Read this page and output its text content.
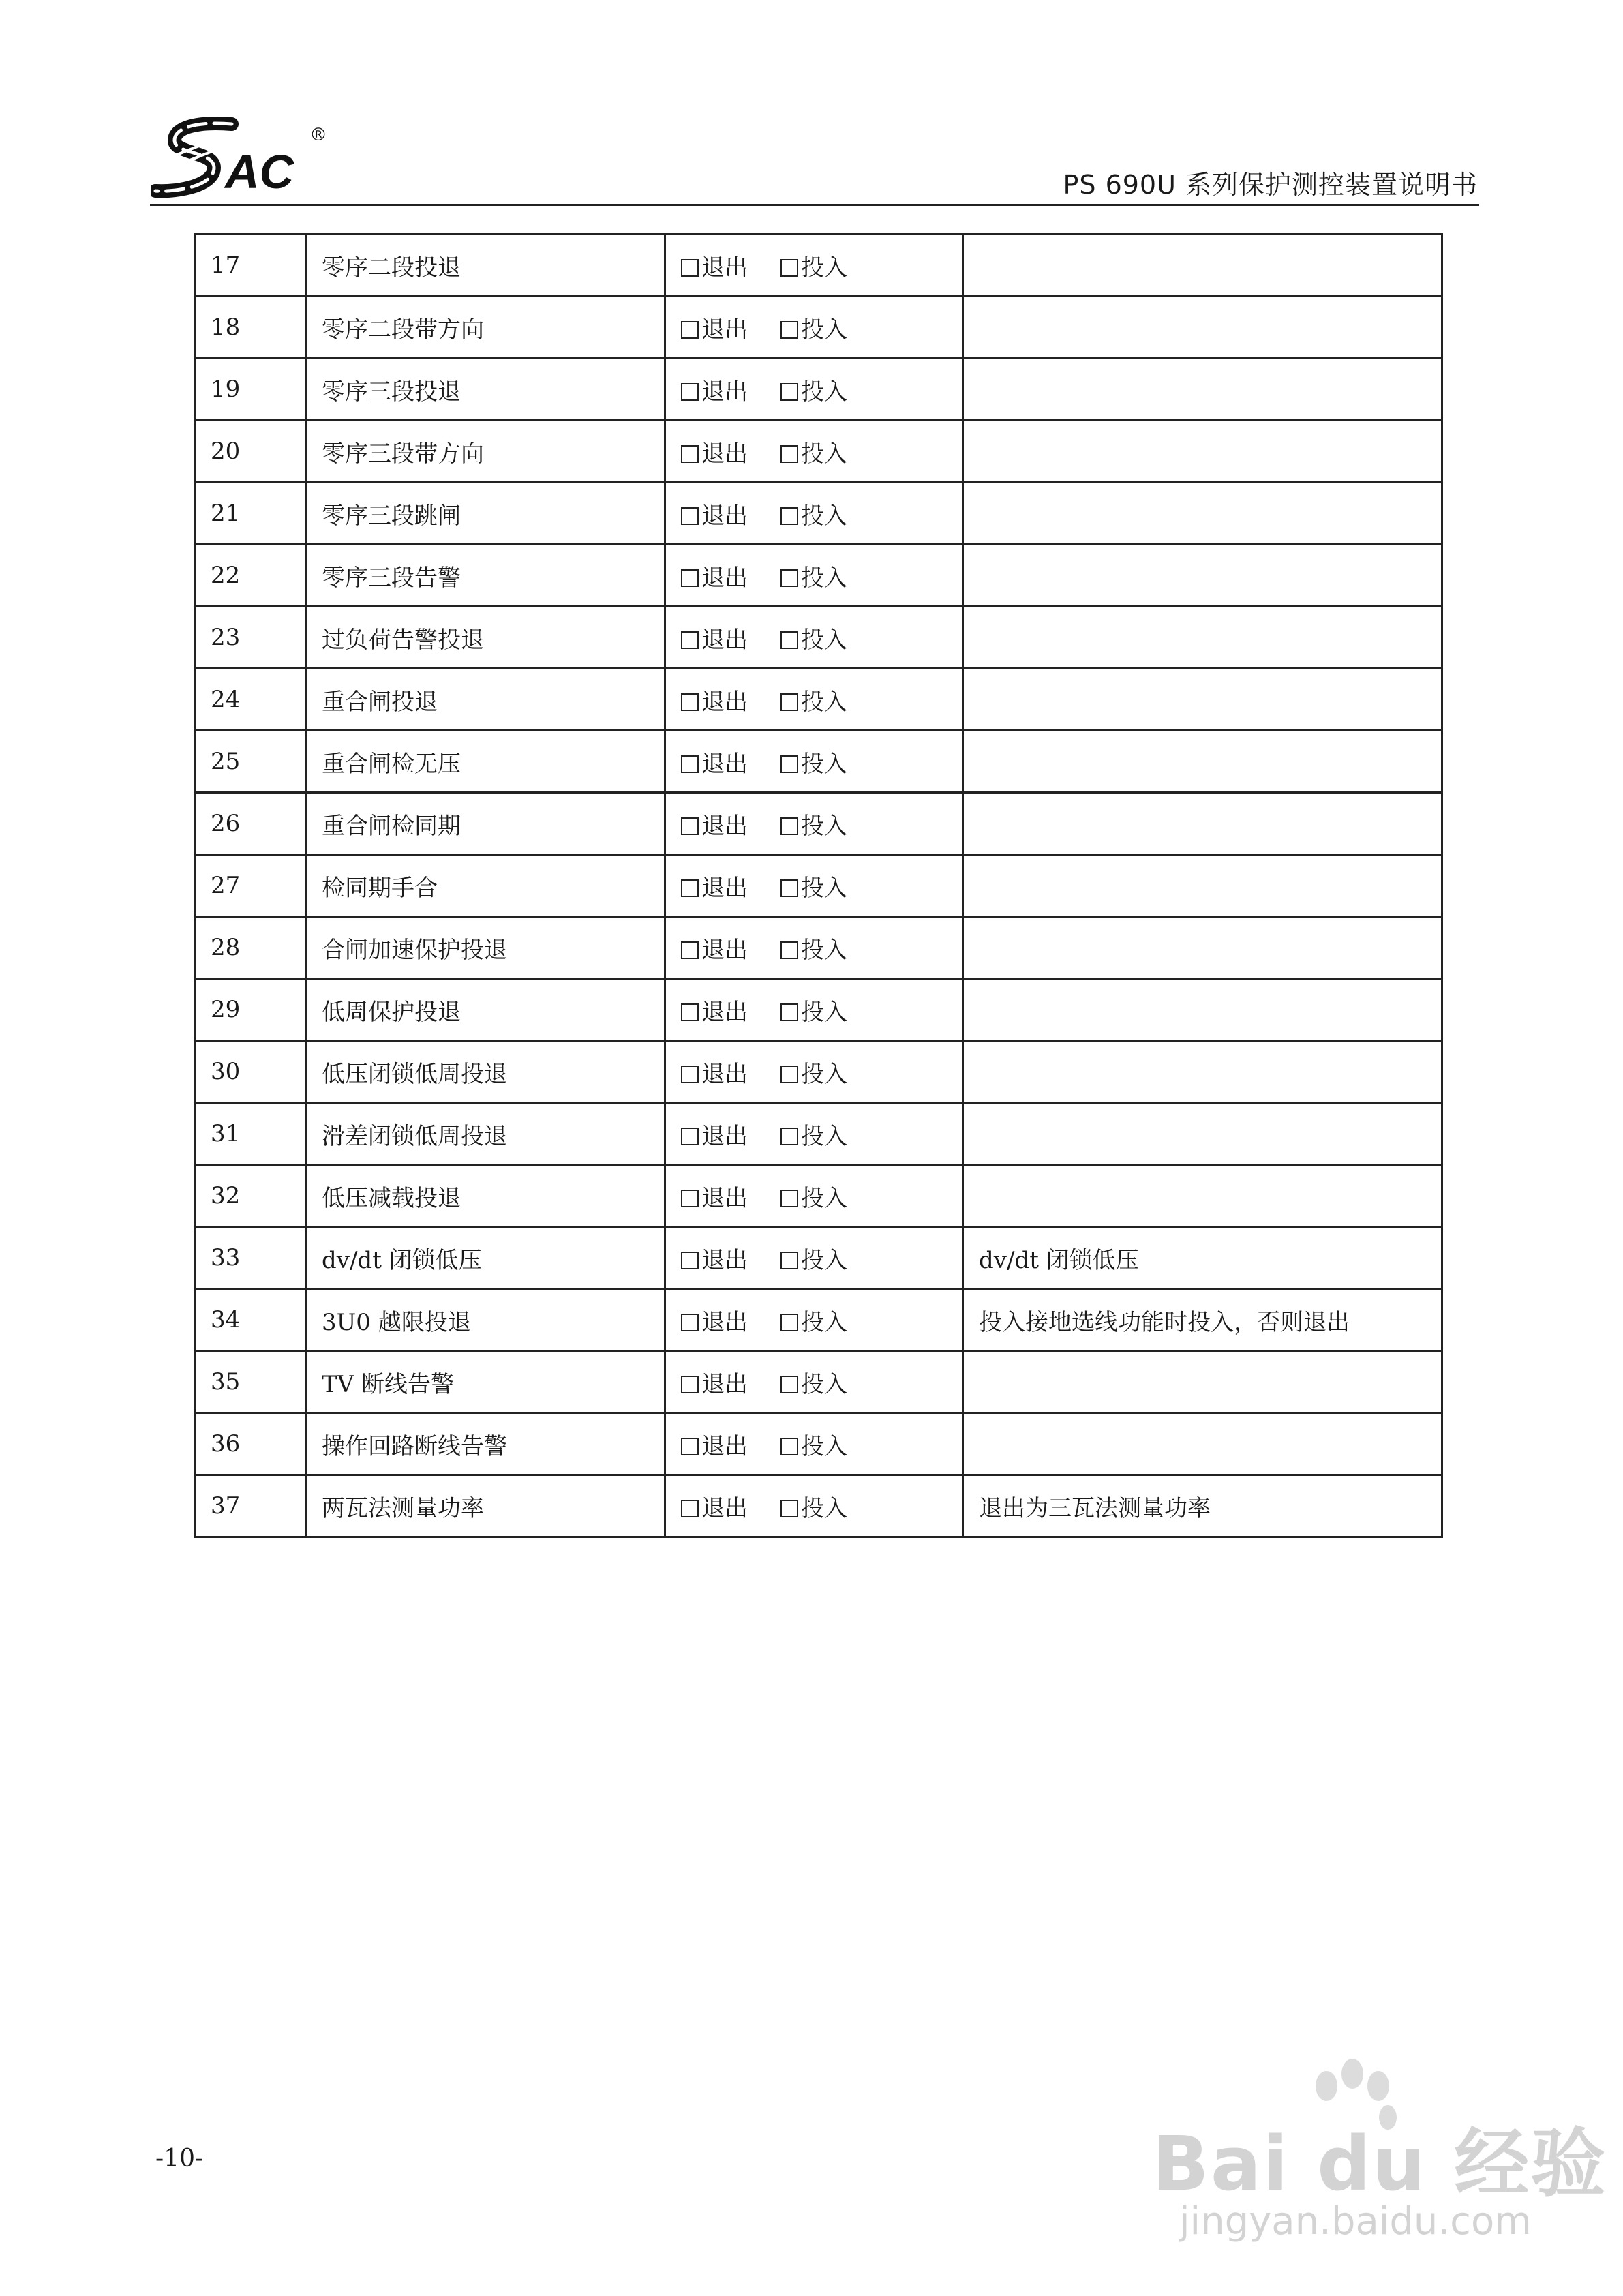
AC
®
PS 690U 系列保护测控装置说明书
17	零序二段投退	退出 投入	
18	零序二段带方向	退出 投入	
19	零序三段投退	退出 投入	
20	零序三段带方向	退出 投入	
21	零序三段跳闸	退出 投入	
22	零序三段告警	退出 投入	
23	过负荷告警投退	退出 投入	
24	重合闸投退	退出 投入	
25	重合闸检无压	退出 投入	
26	重合闸检同期	退出 投入	
27	检同期手合	退出 投入	
28	合闸加速保护投退	退出 投入	
29	低周保护投退	退出 投入	
30	低压闭锁低周投退	退出 投入	
31	滑差闭锁低周投退	退出 投入	
32	低压减载投退	退出 投入	
33	dv/dt 闭锁低压	退出 投入	dv/dt 闭锁低压
34	3U0 越限投退	退出 投入	投入接地选线功能时投入，否则退出
35	TV 断线告警	退出 投入	
36	操作回路断线告警	退出 投入	
37	两瓦法测量功率	退出 投入	退出为三瓦法测量功率
-10-	Bai du 经验
jingyan.baidu.com
